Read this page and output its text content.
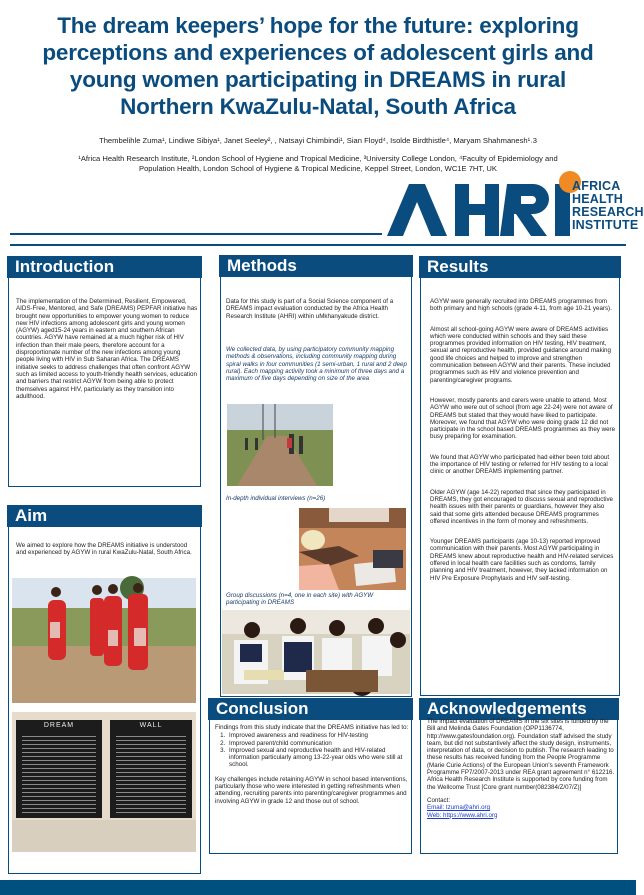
The dream keepers’ hope for the future: exploring perceptions and experiences of adolescent girls and young women participating in DREAMS in rural Northern KwaZulu-Natal, South Africa
Thembelihle Zuma¹, Lindiwe Sibiya¹, Janet Seeley², , Natsayi Chimbindi¹, Sian Floyd⁴, Isolde Birdthistle⁴, Maryam Shahmanesh¹˒3
¹Africa Health Research Institute, ²London School of Hygiene and Tropical Medicine, ³University College London, ⁴Faculty of Epidemiology and
Population Health, London School of Hygiene & Tropical Medicine, Keppel Street, London, WC1E 7HT, UK
AFRICA
HEALTH
RESEARCH
INSTITUTE
Introduction
The implementation of the Determined, Resilient, Empowered, AIDS-Free, Mentored, and Safe (DREAMS) PEPFAR initiative has brought new opportunities to empower young women to reduce new HIV infections among adolescent girls and young women (AGYW) aged15-24 years in eastern and southern African countries. AGYW have remained at a much higher risk of HIV infection than their male peers, therefore account for a disproportionate number of the new infections among young people living with HIV in Sub Saharan Africa. The DREAMS initiative seeks to address challenges that often confront AGYW such as limited access to youth-friendly health services, education and barriers that restrict AGYW from being able to protect themselves against HIV, particularly as they transition into adulthood.
Aim
We aimed to explore how the DREAMS initiative is understood and experienced by AGYW in rural KwaZulu-Natal, South Africa.
DREAM	WALL
Methods
Data for this study is part of a Social Science component of a DREAMS impact evaluation conducted by the Africa Health Research Institute (AHRI) within uMkhanyakude district.
We collected data, by using participatory community mapping methods & observations, including community mapping during spiral walks in four communities (1 semi-urban, 1 rural and 2 deep rural). Each mapping activity took a minimum of three days and a maximum of five days depending on size of the area
In-depth individual interviews (n=26)
Group discussions (n=4, one in each site) with AGYW participating in DREAMS
Results

AGYW were generally recruited into DREAMS programmes from both primary and high schools (grade 4-11, from age 10-21 years).

Almost all school-going AGYW were aware of DREAMS activities which were conducted within schools and they said these programmes provided information on HIV testing, HIV treatment, sexual and reproductive health, provided guidance around making good life choices and helped to improve and strengthen communication between AGYW and their parents. These included programmes such as HIV and violence prevention and parenting/caregiver programs.

However, mostly parents and carers were unable to attend. Most AGYW who were out of school (from age 22-24) were not aware of DREAMS but stated that they would have liked to participate. Moreover, we found that AGYW who were doing grade 12 did not participate in the school based DREAMS programmes as they were busy preparing for examination.

We found that AGYW who participated had either been told about the importance of HIV testing or referred for HIV testing to a local clinic or another DREAMS implementing partner.

Older AGYW (age 14-22) reported that since they participated in DREAMS, they got encouraged to discuss sexual and reproductive health issues with their parents or guardians, however they also said that some girls attended because DREAMS programmes offered incentives in the form of money and refreshments.

Younger DREAMS participants (age 10-13) reported improved communication with their parents. Most AGYW participating in DREAMS knew about reproductive health and HIV-related services offered in local health care facilities such as condoms, family planning and HIV treatment, however, they lacked information on HIV Pre Exposure Prophylaxis and HIV self-testing.

Conclusion
Findings from this study indicate that the DREAMS initiative has led to:
1. Improved awareness and readiness for HIV-testing
2. Improved parent/child communication
3. Improved sexual and reproductive health and HIV-related information particularly among 13-22-year olds who were still at school.
Key challenges include retaining AGYW in school based interventions, particularly those who were interested in getting refreshments when attending, recruiting parents into parenting/caregiver programmes and involving AGYW in grade 12 and those out of school.
Acknowledgements
The impact evaluation of DREAMS in the six sites is funded by the Bill and Melinda Gates Foundation (OPP1136774, http://www.gatesfoundation.org). Foundation staff advised the study team, but did not substantively affect the study design, instruments, interpretation of data, or decision to publish. The research leading to these results has received funding from the People Programme (Marie Curie Actions) of the European Union's seventh Framework Programme FP7/2007-2013 under REA grant agreement n° 612216. Africa Health Research Institute is supported by core funding from the Wellcome Trust [Core grant number(082384/Z/07/Z)]
Contact:
Email: tzuma@ahri.org
Web: https://www.ahri.org
